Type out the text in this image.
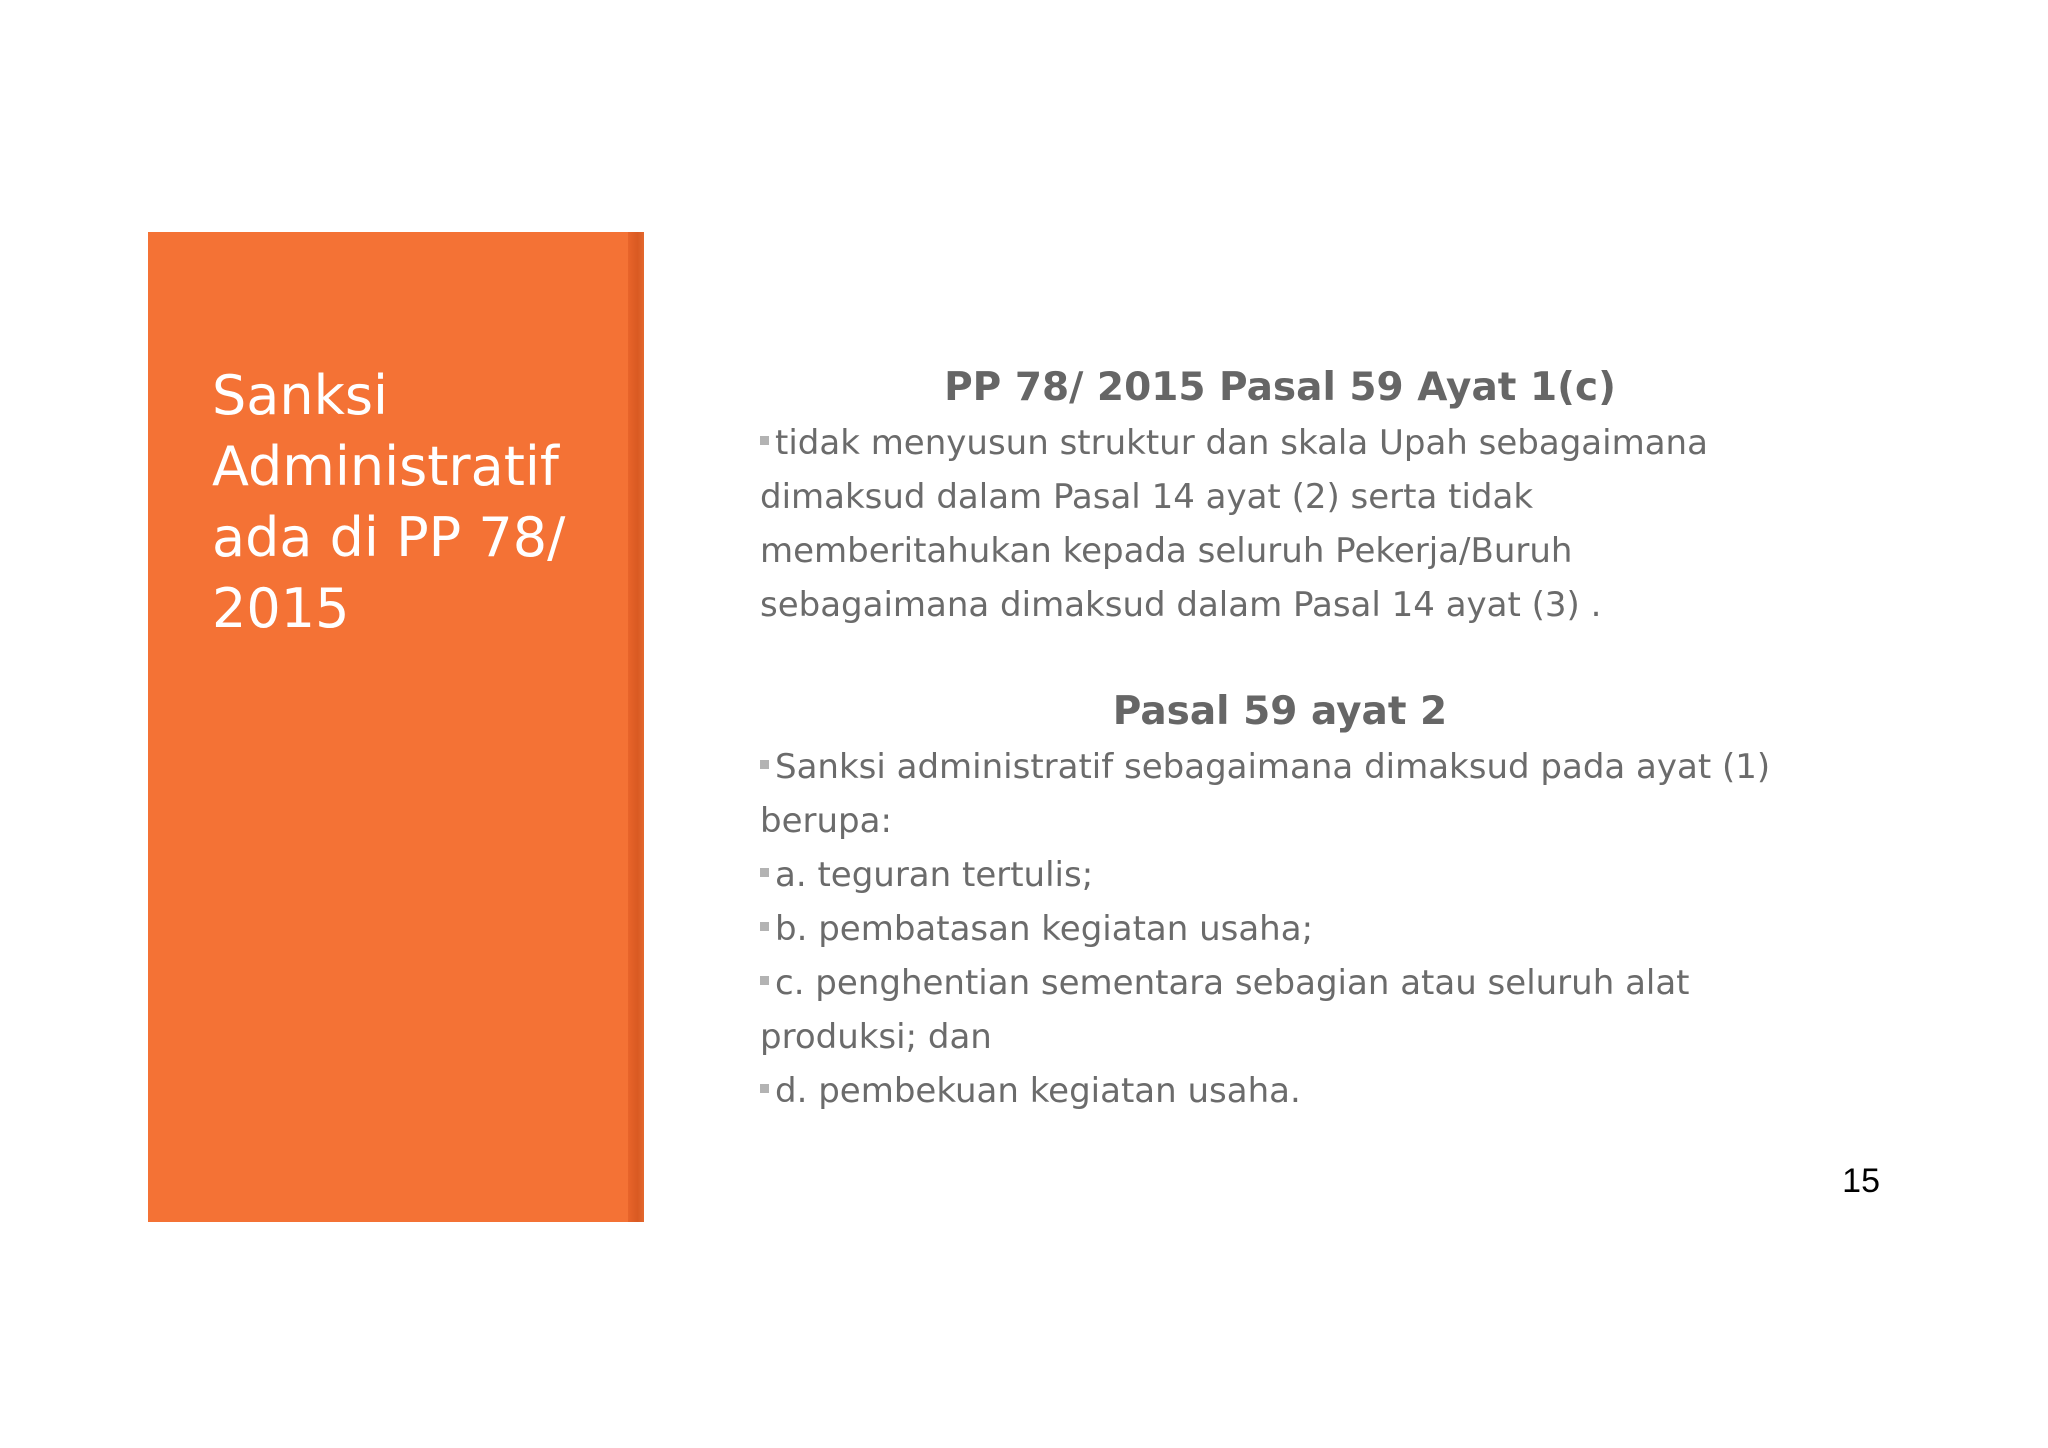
Sanksi
Administratif
ada di PP 78/
2015
PP 78/ 2015 Pasal 59 Ayat 1(c)

tidak menyusun struktur dan skala Upah sebagaimana dimaksud dalam Pasal 14 ayat (2) serta tidak memberitahukan kepada seluruh Pekerja/Buruh sebagaimana dimaksud dalam Pasal 14 ayat (3) .

Pasal 59 ayat 2

Sanksi administratif sebagaimana dimaksud pada ayat (1) berupa:

a. teguran tertulis;

b. pembatasan kegiatan usaha;

c. penghentian sementara sebagian atau seluruh alat produksi; dan

d. pembekuan kegiatan usaha.

15
